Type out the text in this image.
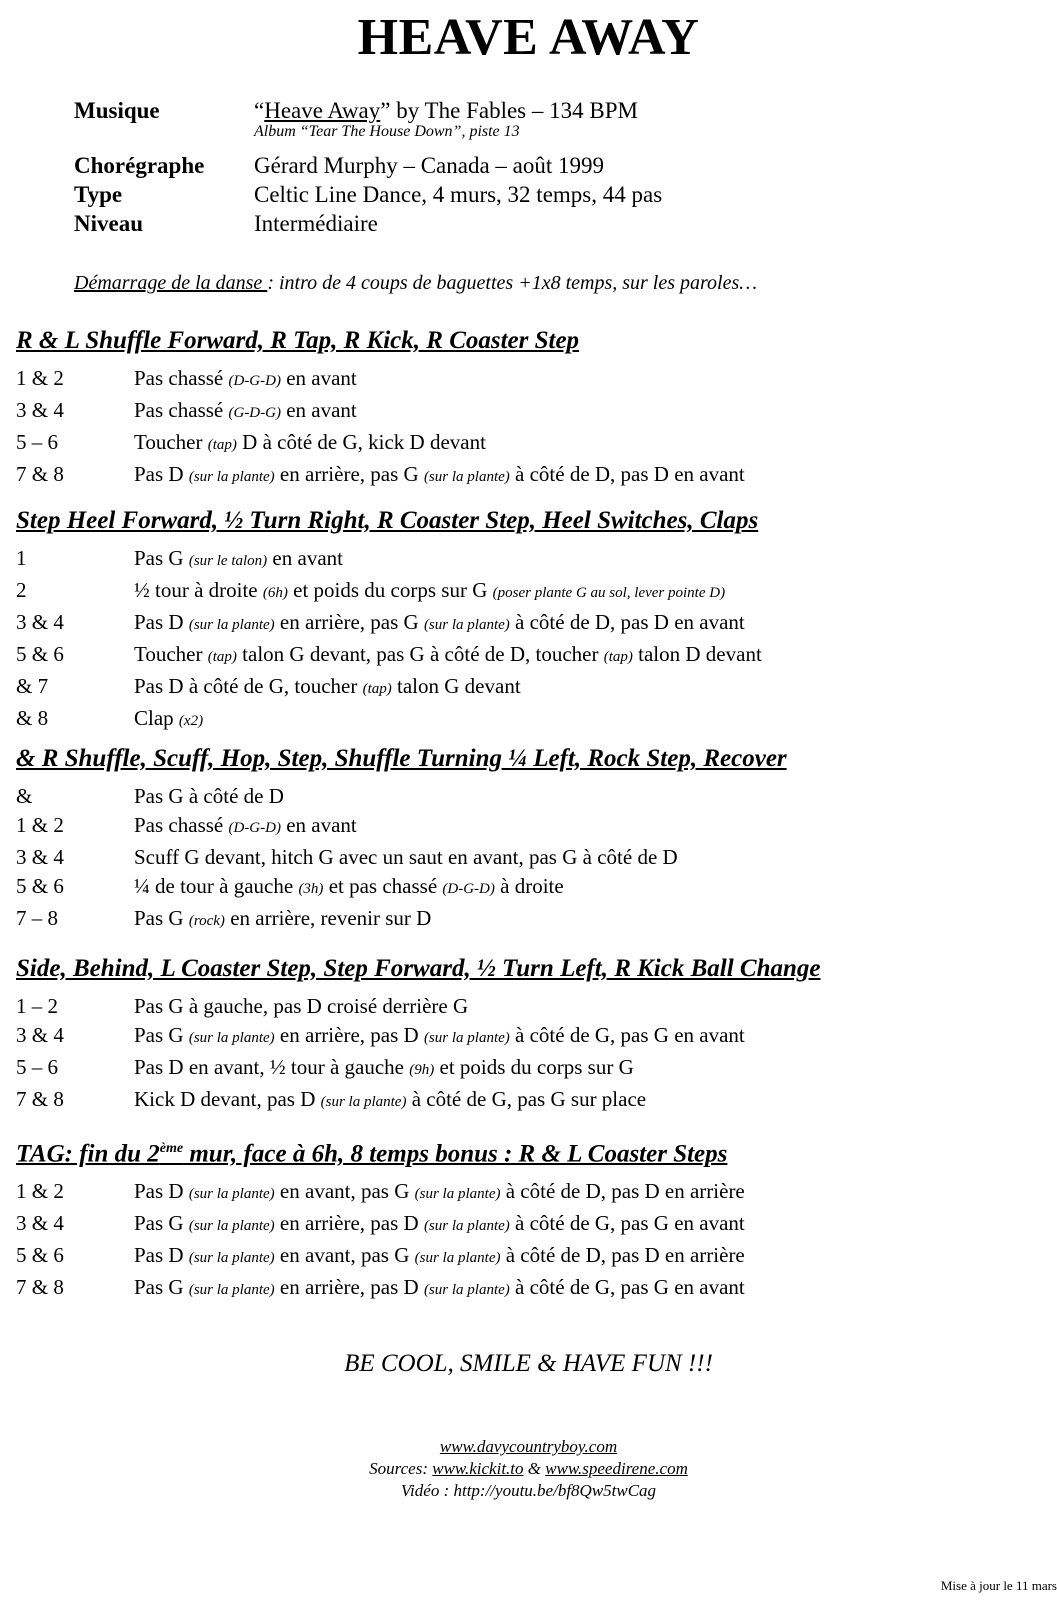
HEAVE AWAY
Musique	“Heave Away” by The Fables – 134 BPM
Album “Tear The House Down”, piste 13
Chorégraphe	Gérard Murphy – Canada – août 1999
Type	Celtic Line Dance, 4 murs, 32 temps, 44 pas
Niveau	Intermédiaire
Démarrage de la danse : intro de 4 coups de baguettes +1x8 temps, sur les paroles…
R & L Shuffle Forward, R Tap, R Kick, R Coaster Step
1 & 2	Pas chassé (D-G-D) en avant
3 & 4	Pas chassé (G-D-G) en avant
5 – 6	Toucher (tap) D à côté de G, kick D devant
7 & 8	Pas D (sur la plante) en arrière, pas G (sur la plante) à côté de D, pas D en avant
Step Heel Forward, ½ Turn Right, R Coaster Step, Heel Switches, Claps
1	Pas G (sur le talon) en avant
2	½ tour à droite (6h) et poids du corps sur G (poser plante G au sol, lever pointe D)
3 & 4	Pas D (sur la plante) en arrière, pas G (sur la plante) à côté de D, pas D en avant
5 & 6	Toucher (tap) talon G devant, pas G à côté de D, toucher (tap) talon D devant
& 7	Pas D à côté de G, toucher (tap) talon G devant
& 8	Clap (x2)
& R Shuffle, Scuff, Hop, Step, Shuffle Turning ¼ Left, Rock Step, Recover
&	Pas G à côté de D
1 & 2	Pas chassé (D-G-D) en avant
3 & 4	Scuff G devant, hitch G avec un saut en avant, pas G à côté de D
5 & 6	¼ de tour à gauche (3h) et pas chassé (D-G-D) à droite
7 – 8	Pas G (rock) en arrière, revenir sur D
Side, Behind, L Coaster Step, Step Forward, ½ Turn Left, R Kick Ball Change
1 – 2	Pas G à gauche, pas D croisé derrière G
3 & 4	Pas G (sur la plante) en arrière, pas D (sur la plante) à côté de G, pas G en avant
5 – 6	Pas D en avant, ½ tour à gauche (9h) et poids du corps sur G
7 & 8	Kick D devant, pas D (sur la plante) à côté de G, pas G sur place
TAG: fin du 2ème mur, face à 6h, 8 temps bonus : R & L Coaster Steps
1 & 2	Pas D (sur la plante) en avant, pas G (sur la plante) à côté de D, pas D en arrière
3 & 4	Pas G (sur la plante) en arrière, pas D (sur la plante) à côté de G, pas G en avant
5 & 6	Pas D (sur la plante) en avant, pas G (sur la plante) à côté de D, pas D en arrière
7 & 8	Pas G (sur la plante) en arrière, pas D (sur la plante) à côté de G, pas G en avant
BE COOL, SMILE & HAVE FUN !!!
www.davycountryboy.com
Sources: www.kickit.to & www.speedirene.com
Vidéo : http://youtu.be/bf8Qw5twCag
Mise à jour le 11 mars
